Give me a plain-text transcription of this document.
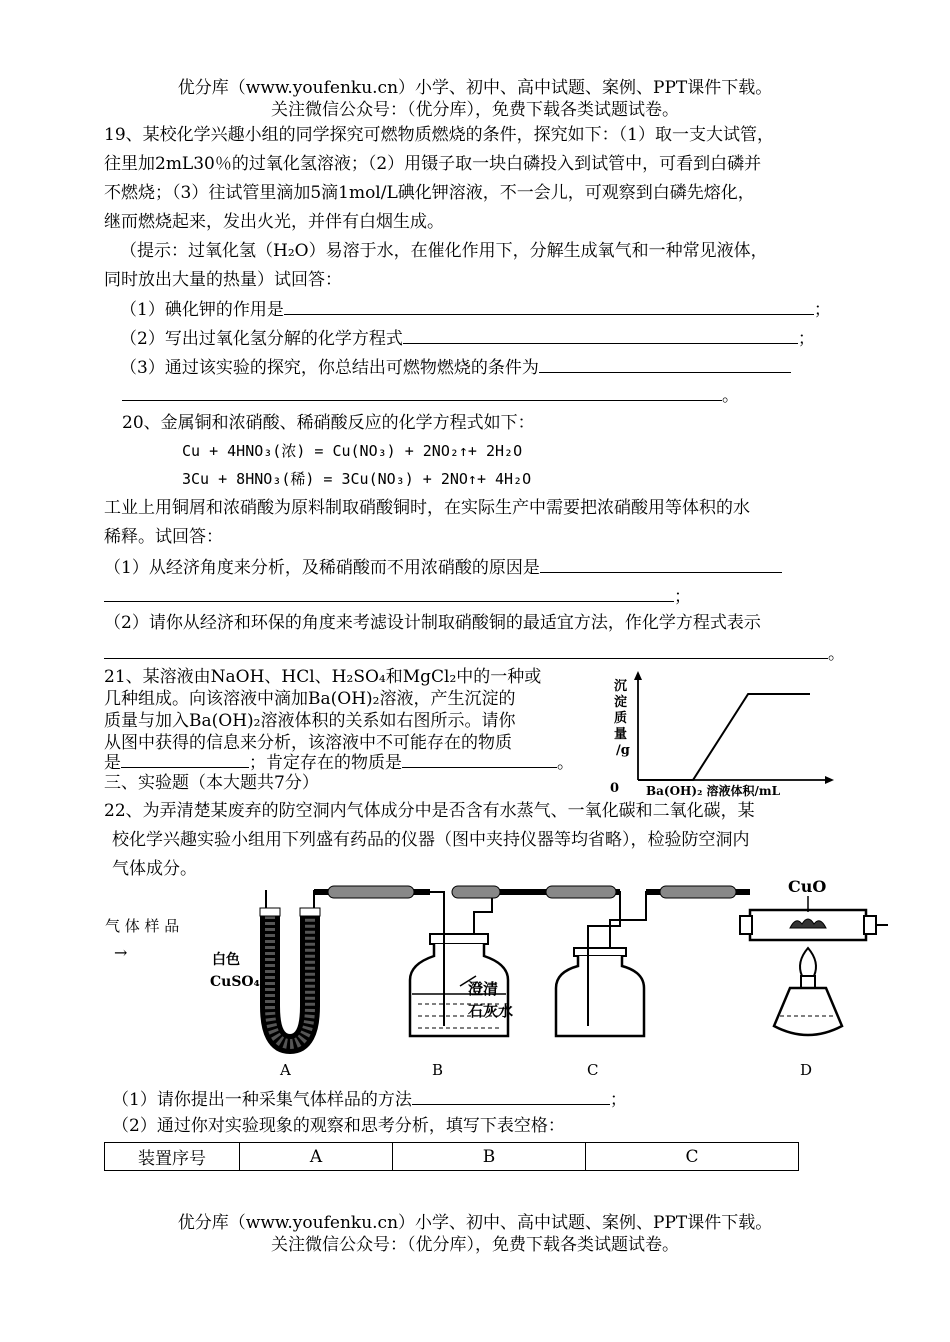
优分库（www.youfenku.cn）小学、初中、高中试题、案例、PPT课件下载。
关注微信公众号：（优分库），免费下载各类试题试卷。
19、某校化学兴趣小组的同学探究可燃物质燃烧的条件，探究如下：（1）取一支大试管，
往里加2mL30％的过氧化氢溶液；（2）用镊子取一块白磷投入到试管中，可看到白磷并
不燃烧；（3）往试管里滴加5滴1mol/L碘化钾溶液，不一会儿，可观察到白磷先熔化，
继而燃烧起来，发出火光，并伴有白烟生成。
（提示：过氧化氢（H₂O）易溶于水，在催化作用下，分解生成氧气和一种常见液体，
同时放出大量的热量）试回答：
（1）碘化钾的作用是	；
（2）写出过氧化氢分解的化学方程式	；
（3）通过该实验的探究，你总结出可燃物燃烧的条件为
。
20、金属铜和浓硝酸、稀硝酸反应的化学方程式如下：
Cu + 4HNO₃(浓) = Cu(NO₃) + 2NO₂↑+ 2H₂O
3Cu + 8HNO₃(稀) = 3Cu(NO₃) + 2NO↑+ 4H₂O
工业上用铜屑和浓硝酸为原料制取硝酸铜时，在实际生产中需要把浓硝酸用等体积的水
稀释。试回答：
（1）从经济角度来分析，及稀硝酸而不用浓硝酸的原因是
；
（2）请你从经济和环保的角度来考滤设计制取硝酸铜的最适宜方法，作化学方程式表示
。
21、某溶液由NaOH、HCl、H₂SO₄和MgCl₂中的一种或
几种组成。向该溶液中滴加Ba(OH)₂溶液，产生沉淀的
质量与加入Ba(OH)₂溶液体积的关系如右图所示。请你
从图中获得的信息来分析，该溶液中不可能存在的物质
是	；肯定存在的物质是	。
沉
淀
质
量
/g
0 Ba(OH)₂ 溶液体积/mL
三、实验题（本大题共7分）
22、为弄清楚某废弃的防空洞内气体成分中是否含有水蒸气、一氧化碳和二氧化碳，某
校化学兴趣实验小组用下列盛有药品的仪器（图中夹持仪器等均省略），检验防空洞内
气体成分。
气 体 样 品
→	白色
CuSO₄	澄清
石灰水
CuO
A	B	C	D
（1）请你提出一种采集气体样品的方法	；
（2）通过你对实验现象的观察和思考分析，填写下表空格：
装置序号	A	B	C
优分库（www.youfenku.cn）小学、初中、高中试题、案例、PPT课件下载。
关注微信公众号：（优分库），免费下载各类试题试卷。
